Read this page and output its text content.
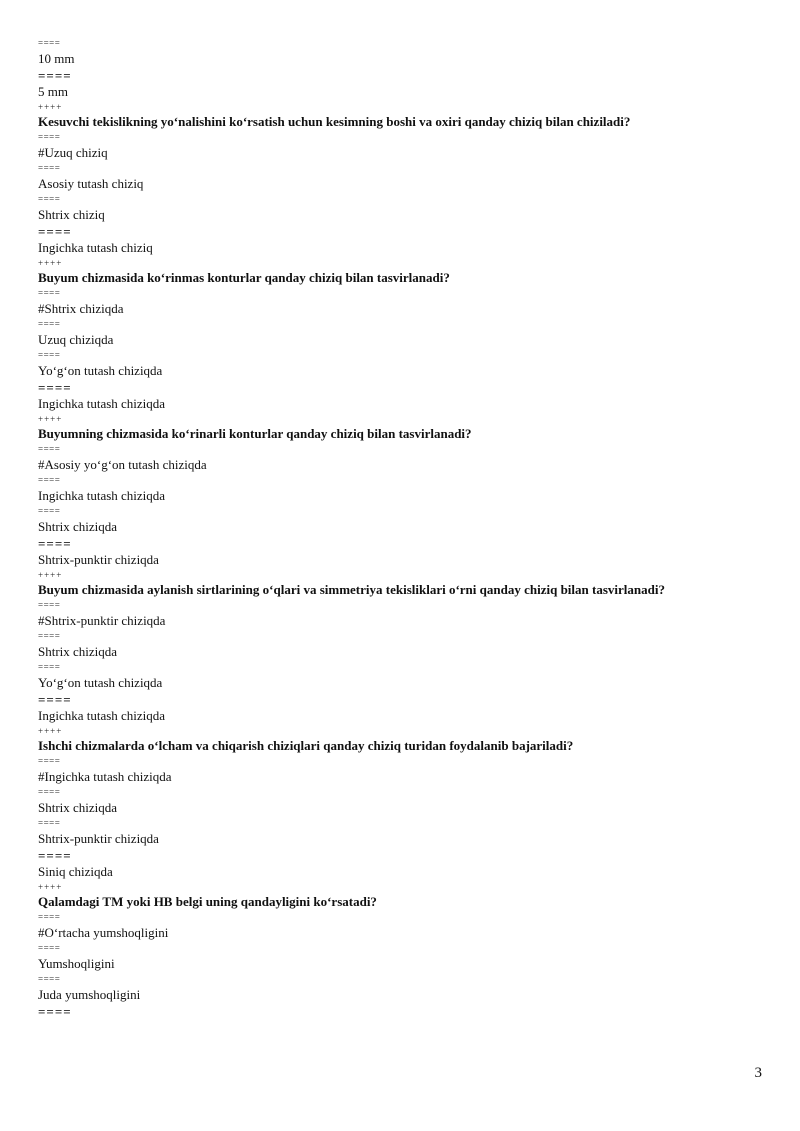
====
10 mm
====
5 mm
++++
Kesuvchi tekislikning yo‘nalishini ko‘rsatish uchun kesimning boshi va oxiri qanday chiziq bilan chiziladi?
====
#Uzuq chiziq
====
Asosiy tutash chiziq
====
Shtrix chiziq
====
Ingichka tutash chiziq
++++
Buyum chizmasida ko‘rinmas konturlar qanday chiziq bilan tasvirlanadi?
====
#Shtrix chiziqda
====
Uzuq chiziqda
====
Yo‘g‘on tutash chiziqda
====
Ingichka tutash chiziqda
++++
Buyumning chizmasida ko‘rinarli konturlar qanday chiziq bilan tasvirlanadi?
====
#Asosiy yo‘g‘on tutash chiziqda
====
Ingichka tutash chiziqda
====
Shtrix chiziqda
====
Shtrix-punktir chiziqda
++++
Buyum chizmasida aylanish sirtlarining o‘qlari va simmetriya tekisliklari o‘rni qanday chiziq bilan tasvirlanadi?
====
#Shtrix-punktir chiziqda
====
Shtrix chiziqda
====
Yo‘g‘on tutash chiziqda
====
Ingichka tutash chiziqda
++++
Ishchi chizmalarda o‘lcham va chiqarish chiziqlari qanday chiziq turidan foydalanib bajariladi?
====
#Ingichka tutash chiziqda
====
Shtrix chiziqda
====
Shtrix-punktir chiziqda
====
Siniq chiziqda
++++
Qalamdagi TM yoki HB belgi uning qandayligini ko‘rsatadi?
====
#O‘rtacha yumshoqligini
====
Yumshoqligini
====
Juda yumshoqligini
====
3
